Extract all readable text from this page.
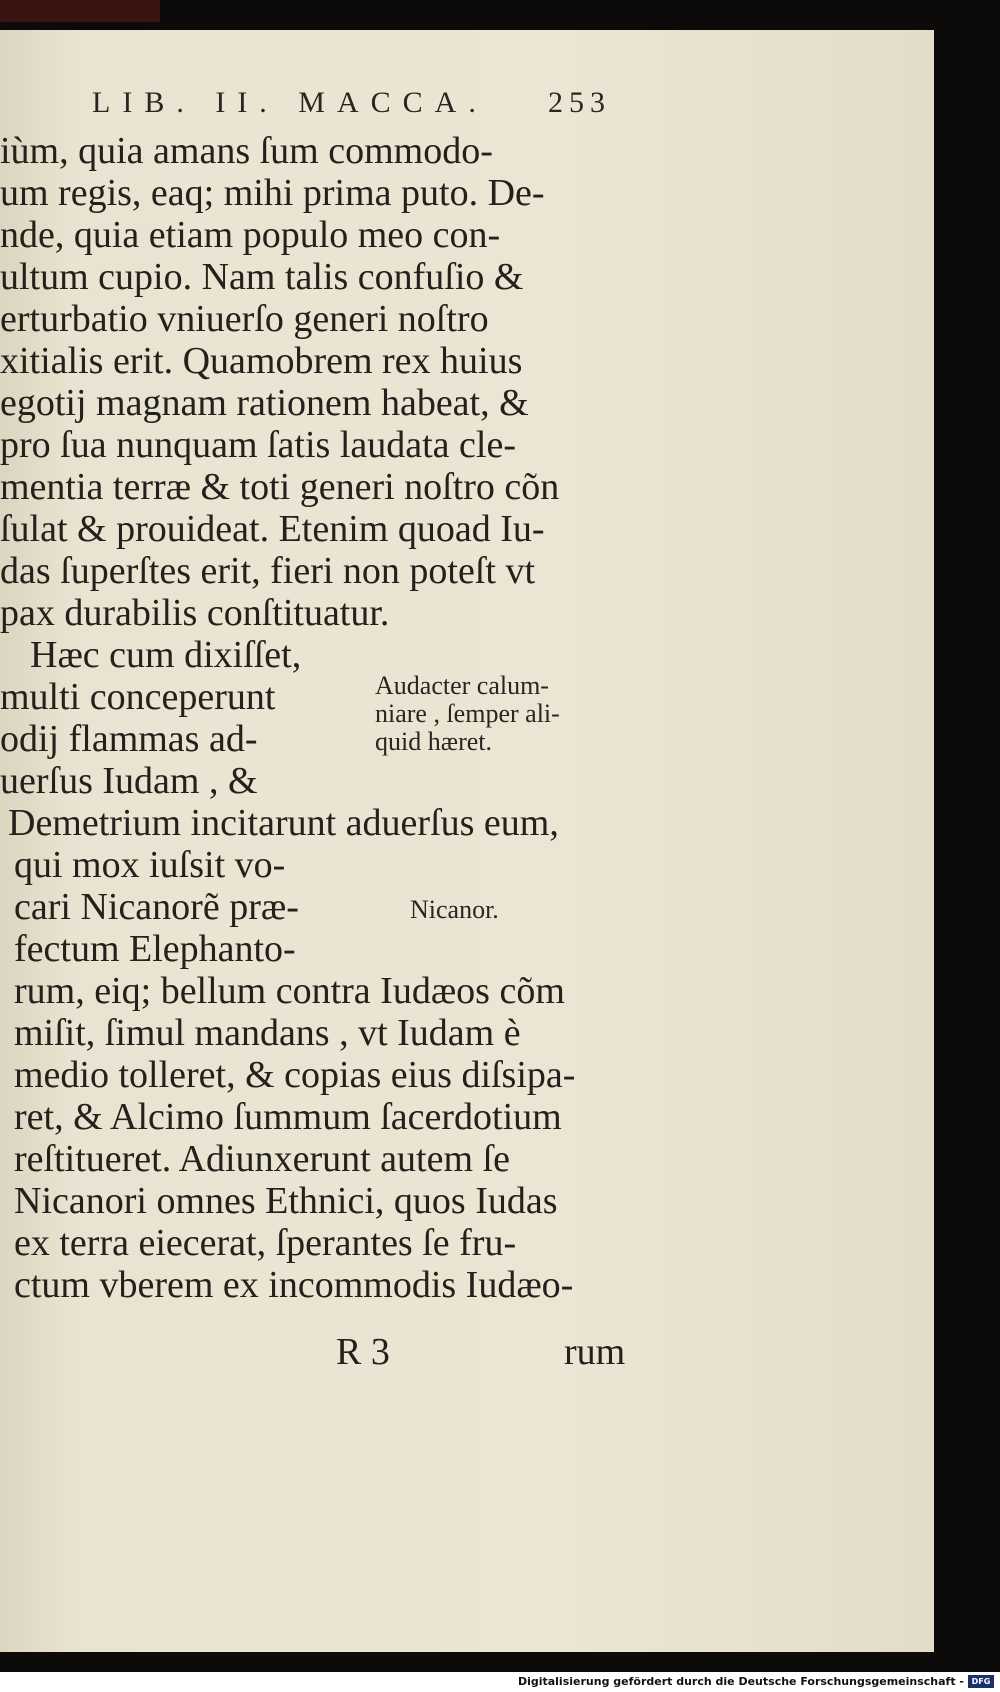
LIB. II. MACCA. 253
iùm, quia amans ſum commodo-
um regis, eaq; mihi prima puto. De-
nde, quia etiam populo meo con-
ultum cupio. Nam talis confuſio &
erturbatio vniuerſo generi noſtro
xitialis erit. Quamobrem rex huius
egotij magnam rationem habeat, &
pro ſua nunquam ſatis laudata cle-
mentia terræ & toti generi noſtro cõn
ſulat & prouideat. Etenim quoad Iu-
das ſuperſtes erit, fieri non poteſt vt
pax durabilis conſtituatur.
Hæc cum dixiſſet,
multi conceperunt
odij flammas ad-
uerſus Iudam , &
Audacter calum-
niare , ſemper ali-
quid hæret.
Demetrium incitarunt aduerſus eum,
qui mox iuſsit vo-
cari Nicanorẽ præ-
fectum Elephanto-
Nicanor.
rum, eiq; bellum contra Iudæos cõm
miſit, ſimul mandans , vt Iudam è
medio tolleret, & copias eius diſsipa-
ret, & Alcimo ſummum ſacerdotium
reſtitueret. Adiunxerunt autem ſe
Nicanori omnes Ethnici, quos Iudas
ex terra eiecerat, ſperantes ſe fru-
ctum vberem ex incommodis Iudæo-
R 3	rum
Digitalisierung gefördert durch die Deutsche Forschungsgemeinschaft - DFG
